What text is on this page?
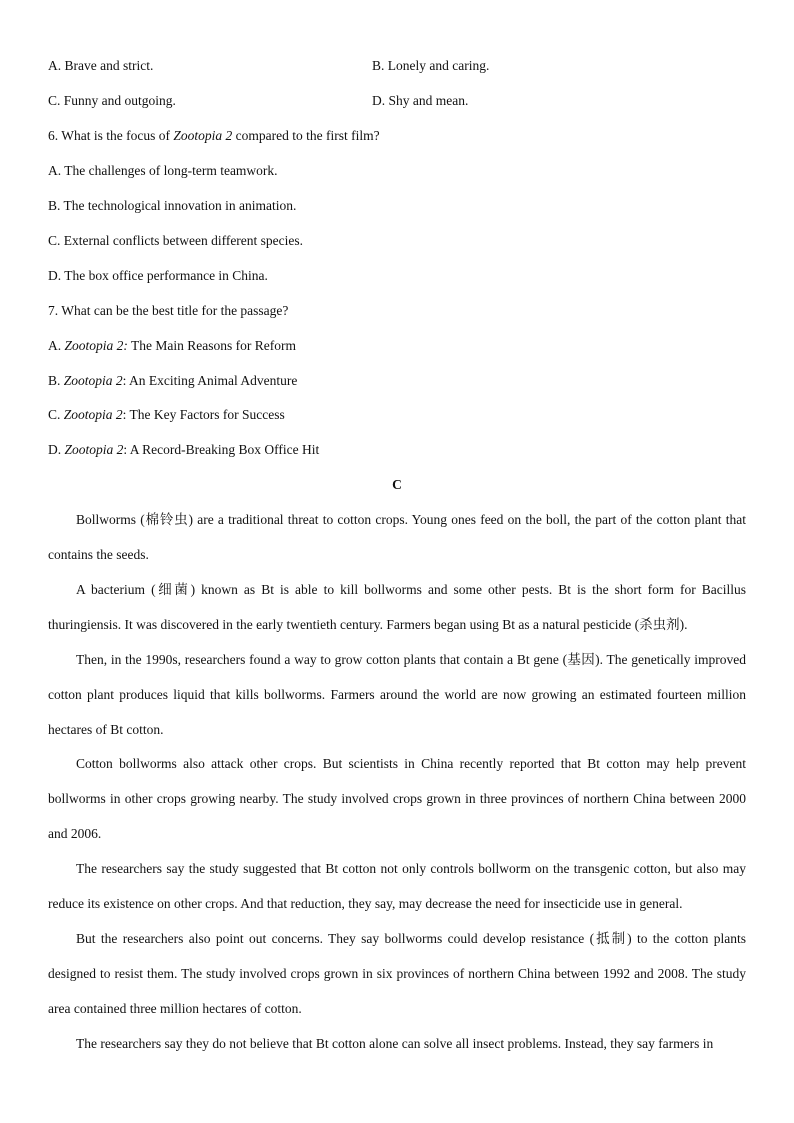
A. Brave and strict.	B. Lonely and caring.
C. Funny and outgoing.	D. Shy and mean.
6. What is the focus of Zootopia 2 compared to the first film?
A. The challenges of long-term teamwork.
B. The technological innovation in animation.
C. External conflicts between different species.
D. The box office performance in China.
7. What can be the best title for the passage?
A. Zootopia 2: The Main Reasons for Reform
B. Zootopia 2: An Exciting Animal Adventure
C. Zootopia 2: The Key Factors for Success
D. Zootopia 2: A Record-Breaking Box Office Hit
C

Bollworms (棉铃虫) are a traditional threat to cotton crops. Young ones feed on the boll, the part of the cotton plant that contains the seeds.

A bacterium (细菌) known as Bt is able to kill bollworms and some other pests. Bt is the short form for Bacillus thuringiensis. It was discovered in the early twentieth century. Farmers began using Bt as a natural pesticide (杀虫剂).

Then, in the 1990s, researchers found a way to grow cotton plants that contain a Bt gene (基因). The genetically improved cotton plant produces liquid that kills bollworms. Farmers around the world are now growing an estimated fourteen million hectares of Bt cotton.

Cotton bollworms also attack other crops. But scientists in China recently reported that Bt cotton may help prevent bollworms in other crops growing nearby. The study involved crops grown in three provinces of northern China between 2000 and 2006.

The researchers say the study suggested that Bt cotton not only controls bollworm on the transgenic cotton, but also may reduce its existence on other crops. And that reduction, they say, may decrease the need for insecticide use in general.

But the researchers also point out concerns. They say bollworms could develop resistance (抵制) to the cotton plants designed to resist them. The study involved crops grown in six provinces of northern China between 1992 and 2008. The study area contained three million hectares of cotton.

The researchers say they do not believe that Bt cotton alone can solve all insect problems. Instead, they say farmers in
